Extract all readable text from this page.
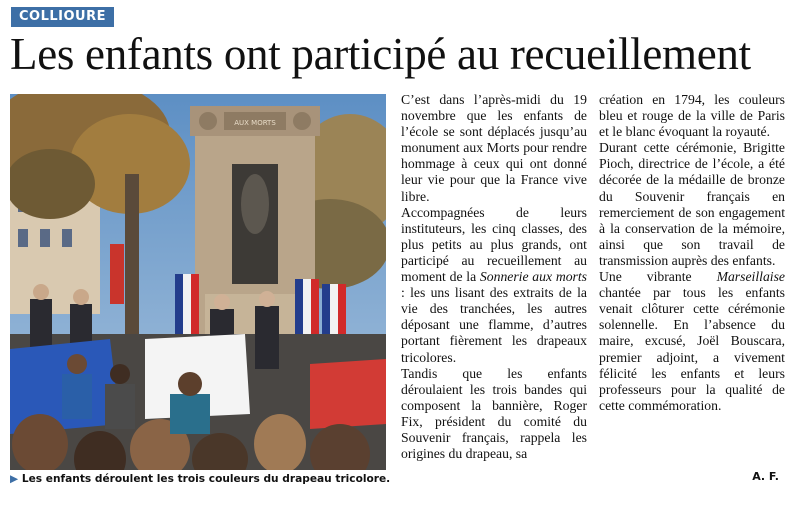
COLLIOURE
Les enfants ont participé au recueillement
AUX MORTS
▶ Les enfants déroulent les trois couleurs du drapeau tricolore.

C’est dans l’après-midi du 19 novembre que les enfants de l’école se sont déplacés jusqu’au monument aux Morts pour rendre hommage à ceux qui ont donné leur vie pour que la France vive libre.

Accompagnées de leurs instituteurs, les cinq classes, des plus petits au plus grands, ont participé au recueillement au moment de la Sonnerie aux morts : les uns lisant des extraits de la vie des tranchées, les autres déposant une flamme, d’autres portant fièrement les drapeaux tricolores.

Tandis que les enfants déroulaient les trois bandes qui composent la bannière, Roger Fix, président du comité du Souvenir français, rappela les origines du drapeau, sa

création en 1794, les couleurs bleu et rouge de la ville de Paris et le blanc évoquant la royauté.

Durant cette cérémonie, Brigitte Pioch, directrice de l’école, a été décorée de la médaille de bronze du Souvenir français en remerciement de son engagement à la conservation de la mémoire, ainsi que son travail de transmission auprès des enfants.

Une vibrante Marseillaise chantée par tous les enfants venait clôturer cette cérémonie solennelle. En l’absence du maire, excusé, Joël Bouscara, premier adjoint, a vivement félicité les enfants et leurs professeurs pour la qualité de cette commémoration.

A. F.
